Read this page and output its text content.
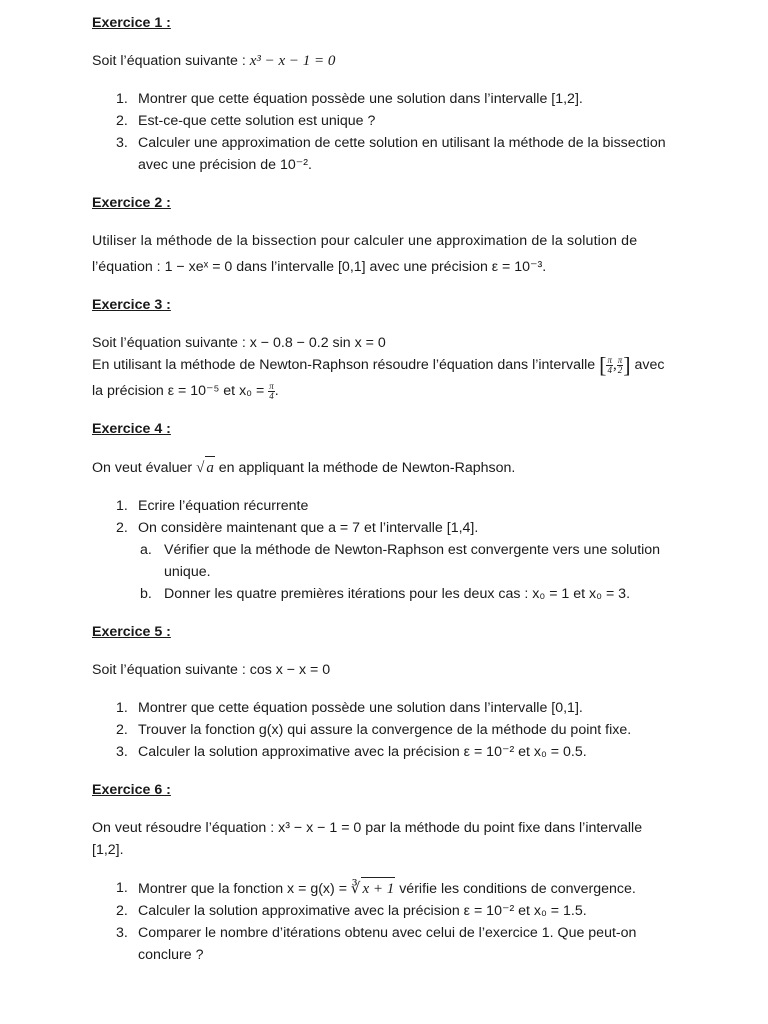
Exercice 1 :

Soit l’équation suivante : x³ − x − 1 = 0

1. Montrer que cette équation possède une solution dans l’intervalle [1,2].
2. Est-ce-que cette solution est unique ?
3. Calculer une approximation de cette solution en utilisant la méthode de la bissection
avec une précision de 10⁻².

Exercice 2 :

Utiliser la méthode de la bissection pour calculer une approximation de la solution de

l’équation : 1 − xeˣ = 0 dans l’intervalle [0,1] avec une précision ε = 10⁻³.

Exercice 3 :

Soit l’équation suivante : x − 0.8 − 0.2 sin x = 0

En utilisant la méthode de Newton-Raphson résoudre l’équation dans l’intervalle [ $\frac{\pi}{4}$ , $\frac{\pi}{2}$ ] avec

la précision ε = 10⁻⁵ et $x_0 = \frac{\pi}{4}$ .

Exercice 4 :

On veut évaluer √ a en appliquant la méthode de Newton-Raphson.

1. Ecrire l’équation récurrente
2. On considère maintenant que a = 7 et l’intervalle [1,4].
a. Vérifier que la méthode de Newton-Raphson est convergente vers une solution
unique.
b. Donner les quatre premières itérations pour les deux cas : x₀ = 1 et x₀ = 3.

Exercice 5 :

Soit l’équation suivante : cos x − x = 0

1. Montrer que cette équation possède une solution dans l’intervalle [0,1].
2. Trouver la fonction g(x) qui assure la convergence de la méthode du point fixe.
3. Calculer la solution approximative avec la précision ε = 10⁻² et x₀ = 0.5.

Exercice 6 :

On veut résoudre l’équation : x³ − x − 1 = 0 par la méthode du point fixe dans l’intervalle

[1,2].

1. Montrer que la fonction x = g(x) = ∛ x + 1 vérifie les conditions de convergence.
2. Calculer la solution approximative avec la précision ε = 10⁻² et x₀ = 1.5.
3. Comparer le nombre d’itérations obtenu avec celui de l’exercice 1. Que peut-on
conclure ?
